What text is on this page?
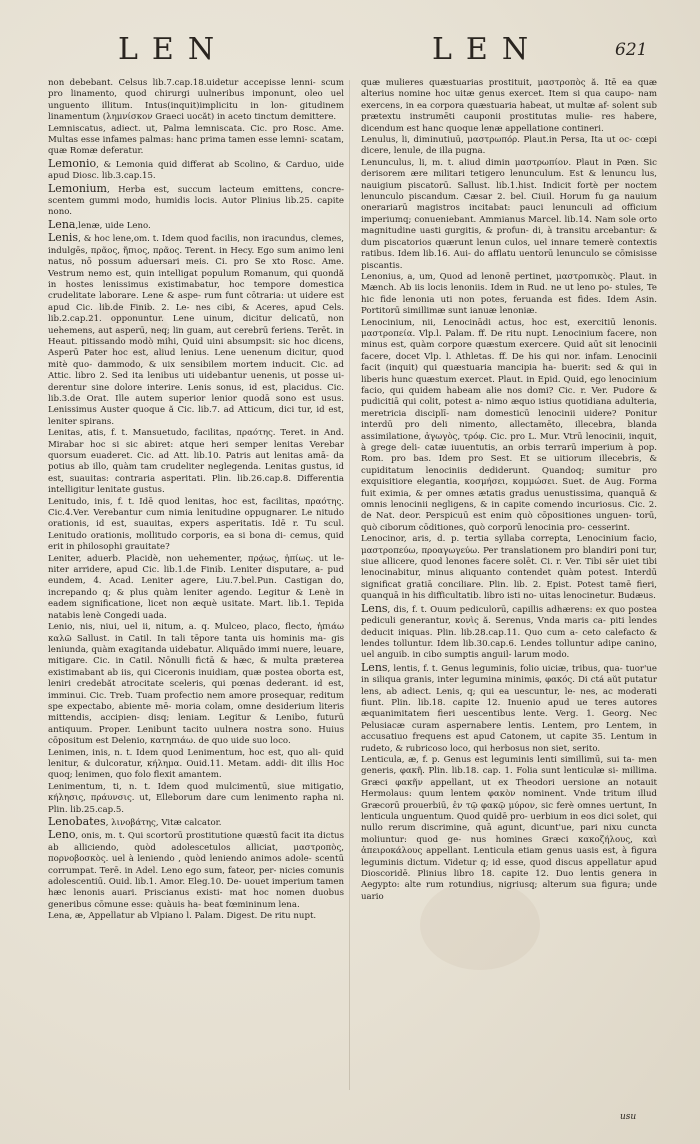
LEN	LEN	621

non debebant. Celsus lib.7.cap.18.uidetur accepisse lenni- scum pro linamento, quod chirurgi uulneribus imponunt, oleo uel unguento illitum. Intus(inquit)implicitu in lon- gitudinem linamentum (λημνίσκον Graeci uocăt) in aceto tinctum demittere.

Lemniscatus, adiect. ut, Palma lemniscata. Cic. pro Rosc. Ame. Multas esse infames palmas: hanc prima tamen esse lemni- scatam, quæ Romæ deferatur.

Lemonio, & Lemonia quid differat ab Scolino, & Carduo, uide apud Diosc. lib.3.cap.15.

Lemonium, Herba est, succum lacteum emittens, concre- scentem gummi modo, humidis locis. Autor Plinius lib.25. capite nono.

Lena,lenæ, uide Leno.

Lenis, & hoc lene,om. t. Idem quod facilis, non iracundus, clemes, indulgēs, πρᾶος, ἤπιος, πρᾶος. Terent. in Hecy. Ego sum animo leni natus, nō possum aduersari meis. Ci. pro Se xto Rosc. Ame. Vestrum nemo est, quin intelligat populum Romanum, qui quondă in hostes lenissimus existimabatur, hoc tempore domestica crudelitate laborare. Lene & aspe- rum funt cōtraria: ut uidere est apud Cic. lib.de Finib. 2. Le- nes cibi, & Aceres, apud Cels. lib.2.cap.21. opponuntur. Lene uinum, dicitur delicatū, non uehemens, aut asperū, neq; lin guam, aut cerebrū feriens. Terēt. in Heaut. pitissando modò mihi, Quid uini absumpsit: sic hoc dicens, Asperū Pater hoc est, aliud lenius. Lene uenenum dicitur, quod mitè quo- dammodo, & uix sensibilem mortem inducit. Cic. ad Attic. libro 2. Sed ita lenibus uti uidebantur uenenis, ut posse ui- derentur sine dolore interire. Lenis sonus, id est, placidus. Cic. lib.3.de Orat. Ille autem superior lenior quodā sono est usus. Lenissimus Auster quoque ă Cic. lib.7. ad Atticum, dici tur, id est, leniter spirans.

Lenitas, atis, f. t. Mansuetudo, facilitas, πραότης. Teret. in And. Mirabar hoc si sic abiret: atque heri semper lenitas Verebar quorsum euaderet. Cic. ad Att. lib.10. Patris aut lenitas amā- da potius ab illo, quàm tam crudeliter neglegenda. Lenitas gustus, id est, suauitas: contraria asperitati. Plin. lib.26.cap.8. Differentia intelligitur lenitate gustus.

Lenitudo, inis, f. t. Idē quod lenitas, hoc est, facilitas, πραότης. Cic.4.Ver. Verebantur cum nimia lenitudine oppugnarer. Le nitudo orationis, id est, suauitas, expers asperitatis. Idē r. Tu scul. Lenitudo orationis, mollitudo corporis, ea si bona di- cemus, quid erit in philosophi grauitate?

Leniter, aduerb. Placidè, non uehementer, πρᾴως, ἠπίως. ut le- niter arridere, apud Cic. lib.1.de Finib. Leniter disputare, a- pud eundem, 4. Acad. Leniter agere, Liu.7.bel.Pun. Castigan do, increpando q; & plus quàm leniter agendo. Legitur & Lenè in eadem significatione, licet non æquè usitate. Mart. lib.1. Tepida natabis lenè Congedi uada.

Lenio, nis, niui, uel ii, nitum, a. q. Mulceo, placo, flecto, ἠπιάω καλῶ Sallust. in Catil. In tali tēpore tanta uis hominis ma- gis leniunda, quàm exagitanda uidebatur. Aliquādo immi nuere, leuare, mitigare. Cic. in Catil. Nōnulli fictā & hæc, & multa præterea existimabant ab iis, qui Ciceronis inuidiam, quæ postea oborta est, leniri credebăt atrocitate sceleris, qui pœnas dederant. id est, imminui. Cic. Treb. Tuam profectio nem amore prosequar, reditum spe expectabo, abiente mē- moria colam, omne desiderium literis mittendis, accipien- disq; leniam. Legitur & Lenibo, futurū antiquum. Proper. Lenibunt tacito uulnera nostra sono. Huius cōpositum est Delenio, κατηπιάω. de quo uide suo loco.

Lenimen, inis, n. t. Idem quod Lenimentum, hoc est, quo ali- quid lenitur, & dulcoratur, κήλημα. Ouid.11. Metam. addi- dit illis Hoc quoq; lenimen, quo folo flexit amantem.

Lenimentum, ti, n. t. Idem quod mulcimentū, siue mitigatio, κήλησις, πράυνσις. ut, Elleborum dare cum lenimento rapha ni. Plin. lib.25.cap.5.

Lenobates, λινοβάτης, Vitæ calcator.

Leno, onis, m. t. Qui scortorū prostitutione quæstū facit ita dictus ab alliciendo, quòd adolescetulos alliciat, μαστροπὸς, πορνοβοσκὸς. uel à leniendo , quòd leniendo animos adole- scentū corrumpat. Terē. in Adel. Leno ego sum, fateor, per- nicies comunis adolescentiū. Ouid. lib.1. Amor. Eleg.10. De- uouet imperium tamen hæc lenonis auari. Priscianus existi- mat hoc nomen duobus generibus cōmune esse: quàuis ha- beat fœmininum lena.

Lena, æ, Appellatur ab Vlpiano l. Palam. Digest. De ritu nupt.

quæ mulieres quæstuarias prostituit, μαστροπὸς ă. Itē ea quæ alterius nomine hoc uitæ genus exercet. Item si qua caupo- nam exercens, in ea corpora quæstuaria habeat, ut multæ af- solent sub prætextu instrumēti cauponii prostitutas mulie- res habere, dicendum est hanc quoque lenæ appellatione contineri.

Lenulus, li, diminutiuū, μαστρωπόρ. Plaut.in Persa, Ita ut oc- cœpi dicere, lenule, de illa pugna.

Lenunculus, li, m. t. aliud dimin μαστρωπίον. Plaut in Pœn. Sic derisorem ære militari tetigero lenunculum. Est & lenuncu lus, nauigium piscatorū. Sallust. lib.1.hist. Indicit fortè per noctem lenunculo piscandum. Cæsar 2. bel. Ciuil. Horum fu ga nauium onerariarū magistros incitabat: pauci lenunculi ad officium imperiumq; conueniebant. Ammianus Marcel. lib.14. Nam sole orto magnitudine uasti gurgitis, & profun- di, à transitu arcebantur: & dum piscatorios quærunt lenun culos, uel innare temerè contextis ratibus. Idem lib.16. Aui- do afflatu uentorū lenunculo se cōmisisse piscantis.

Lenonius, a, um, Quod ad lenonē pertinet, μαστροπικὸς. Plaut. in Mænch. Ab iis locis lenoniis. Idem in Rud. ne ut leno po- stules, Te hic fide lenonia uti non potes, feruanda est fides. Idem Asin. Portitorū simillimæ sunt ianuæ lenoniæ.

Lenocinium, nii, Lenocinādi actus, hoc est, exercitiū lenonis. μαστροπεία. Vlp.l. Palam. ff. De ritu nupt. Lenocinium facere, non minus est, quàm corpore quæstum exercere. Quid aūt sit lenocinii facere, docet Vlp. l. Athletas. ff. De his qui nor. infam. Lenocinii facit (inquit) qui quæstuaria mancipia ha- buerit: sed & qui in liberis hunc quæstum exercet. Plaut. in Epid. Quid, ego lenocinium facio, qui quidem habeam alie nos domi? Cic. r. Ver. Pudore & pudicitiā qui colit, potest a- nimo æquo istius quotidiana adulteria, meretricia disciplī- nam domesticū lenocinii uidere? Ponitur interdū pro deli nimento, allectamēto, illecebra, blanda assimilatione, ἀγωγὸς, τρόφ. Cic. pro L. Mur. Vtrū lenocinii, inquit, à grege deli- catæ iuuentutis, an orbis terrarū imperium à pop. Rom. pro bas. Idem pro Sest. Et se uitiorum illecebris, & cupiditatum lenociniis dediderunt. Quandoq; sumitur pro exquisitiore elegantia, κοσμήσει, κομμώσει. Suet. de Aug. Forma fuit eximia, & per omnes ætatis gradus uenustissima, quanquā & omnis lenocinii negligens, & in capite comendo incuriosus. Cic. 2. de Nat. deor. Perspicuū est enim quò cōpositiones unguen- torū, quò ciborum cōditiones, quò corporū lenocinia pro- cesserint.

Lenocinor, aris, d. p. tertia syllaba correpta, Lenocinium facio, μαστροπεύω, προαγωγεύω. Per translationem pro blandiri poni tur, siue allicere, quod lenones facere solēt. Ci. r. Ver. Tibi sēr uiet tibi lenocinabitur, minus aliquanto contendet quàm potest. Interdū significat gratiā conciliare. Plin. lib. 2. Epist. Potest tamē fieri, quanquā in his difficultatib. libro isti no- uitas lenocinetur. Budæus.

Lens, dis, f. t. Ouum pediculorū, capillis adhærens: ex quo postea pediculi generantur, κονὶς ă. Serenus, Vnda maris ca- piti lendes deducit iniquas. Plin. lib.28.cap.11. Quo cum a- ceto calefacto & lendes tolluntur. Idem lib.30.cap.6. Lendes tolluntur adipe canino, uel anguib. in cibo sumptis anguil- larum modo.

Lens, lentis, f. t. Genus leguminis, folio uiciæ, tribus, qua- tuor'ue in siliqua granis, inter legumina minimis, φακός. Di ctá aŭt putatur lens, ab adiect. Lenis, q; qui ea uescuntur, le- nes, ac moderati fiunt. Plin. lib.18. capite 12. Inuenio apud ue teres autores æquanimitatem fieri uescentibus lente. Verg. 1. Georg. Nec Pelusiacæ curam aspernabere lentis. Lentem, pro Lentem, in accusatiuo frequens est apud Catonem, ut capite 35. Lentum in rudeto, & rubricoso loco, qui herbosus non siet, serito.

Lenticula, æ, f. p. Genus est leguminis lenti simillimū, sui ta- men generis, φακῆ. Plin. lib.18. cap. 1. Folia sunt lenticulæ si- millima. Græci φακῆν appellant, ut ex Theodori uersione an notauit Hermolaus: quum lentem φακὸν nominent. Vnde tritum illud Græcorū prouerbiū, ἐν τῷ φακῷ μύρον, sic ferè omnes uertunt, In lenticula unguentum. Quod quidē pro- uerbium in eos dici solet, qui nullo rerum discrimine, quā agunt, dicunt'ue, pari nixu cuncta moliuntur: quod ge- nus homines Græci κακοζήλους, καὶ ἀπειροκάλους appellant. Lenticula etiam genus uasis est, à figura leguminis dictum. Videtur q; id esse, quod discus appellatur apud Dioscoridē. Plinius libro 18. capite 12. Duo lentis genera in Aegypto: alte rum rotundius, nigriusq; alterum sua figura; unde uario

usu
